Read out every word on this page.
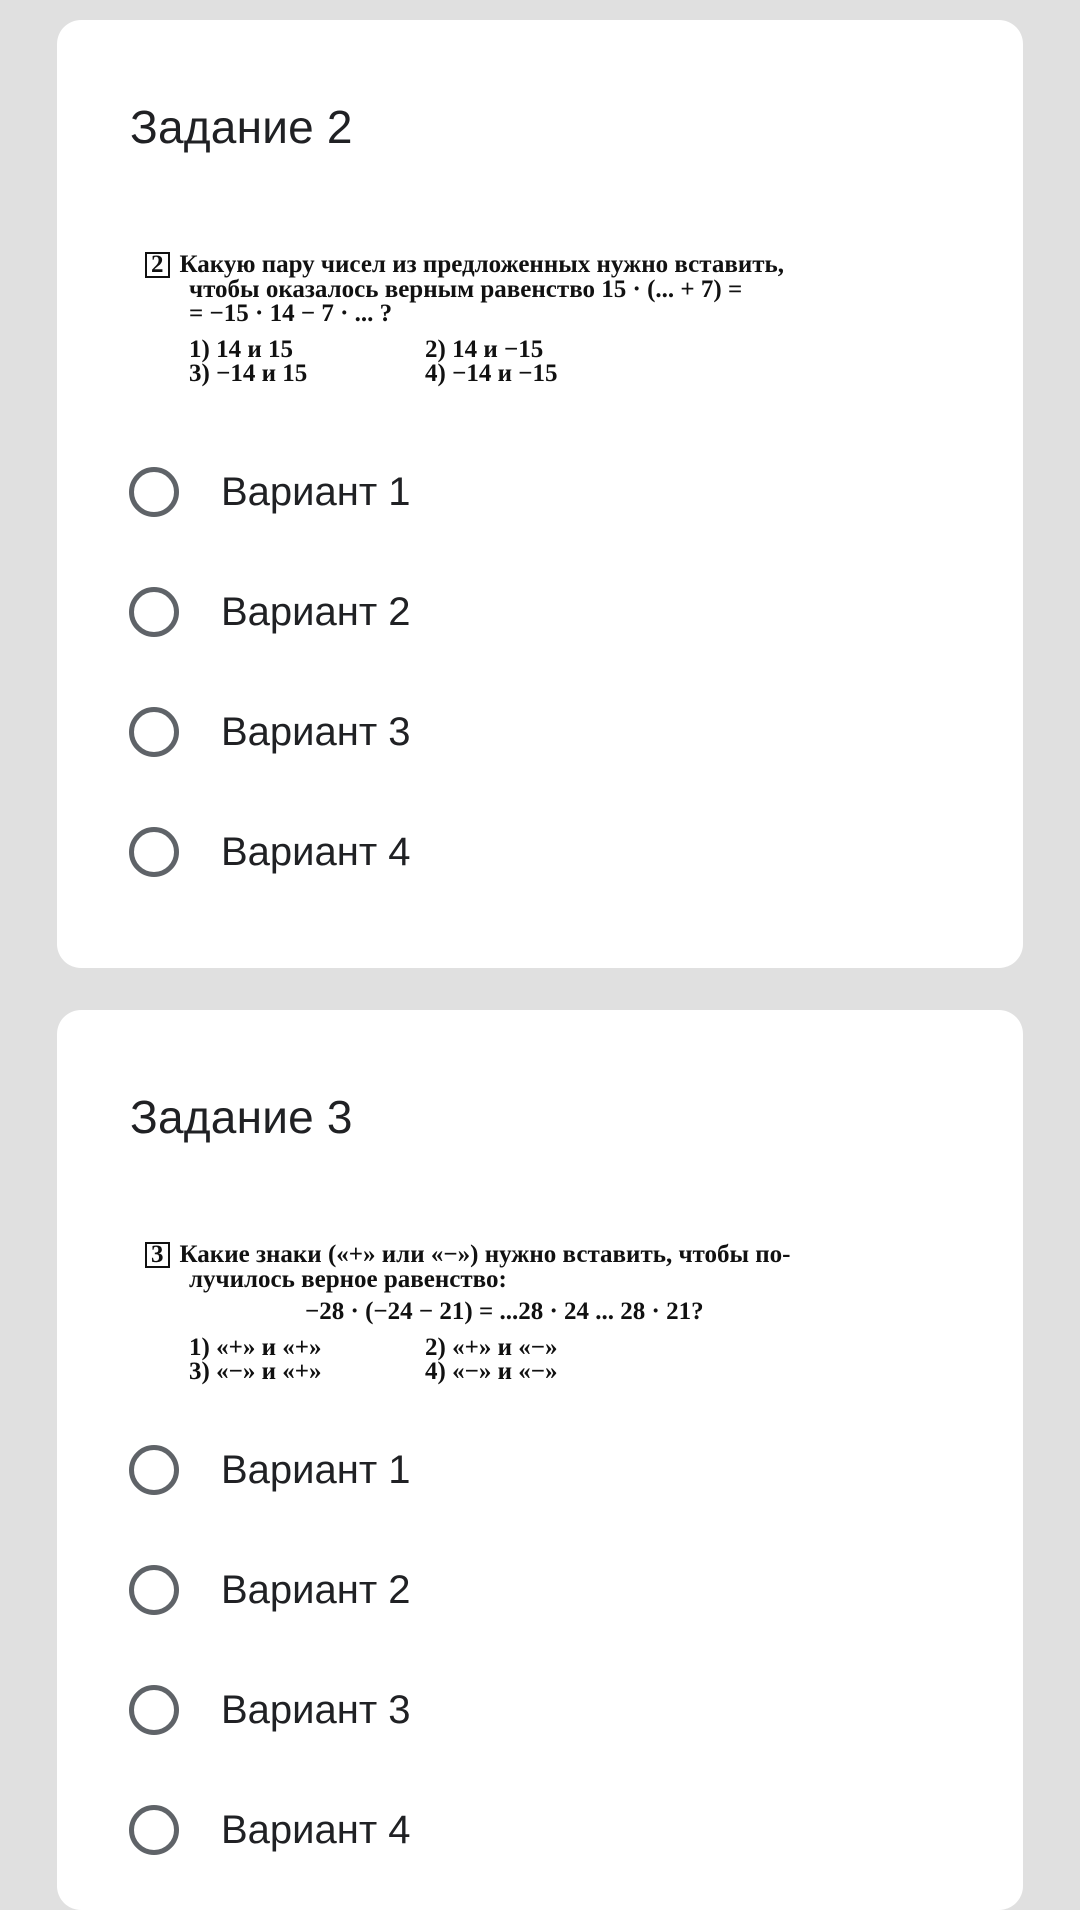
Задание 2
2 Какую пару чисел из предложенных нужно вставить,
чтобы оказалось верным равенство 15 · (... + 7) =
= −15 · 14 − 7 · ... ?
1) 14 и 15	2) 14 и −15
3) −14 и 15	4) −14 и −15
Вариант 1
Вариант 2
Вариант 3
Вариант 4
Задание 3
3 Какие знаки («+» или «−») нужно вставить, чтобы по-
лучилось верное равенство:
−28 · (−24 − 21) = ...28 · 24 ... 28 · 21?
1) «+» и «+»	2) «+» и «−»
3) «−» и «+»	4) «−» и «−»
Вариант 1
Вариант 2
Вариант 3
Вариант 4
